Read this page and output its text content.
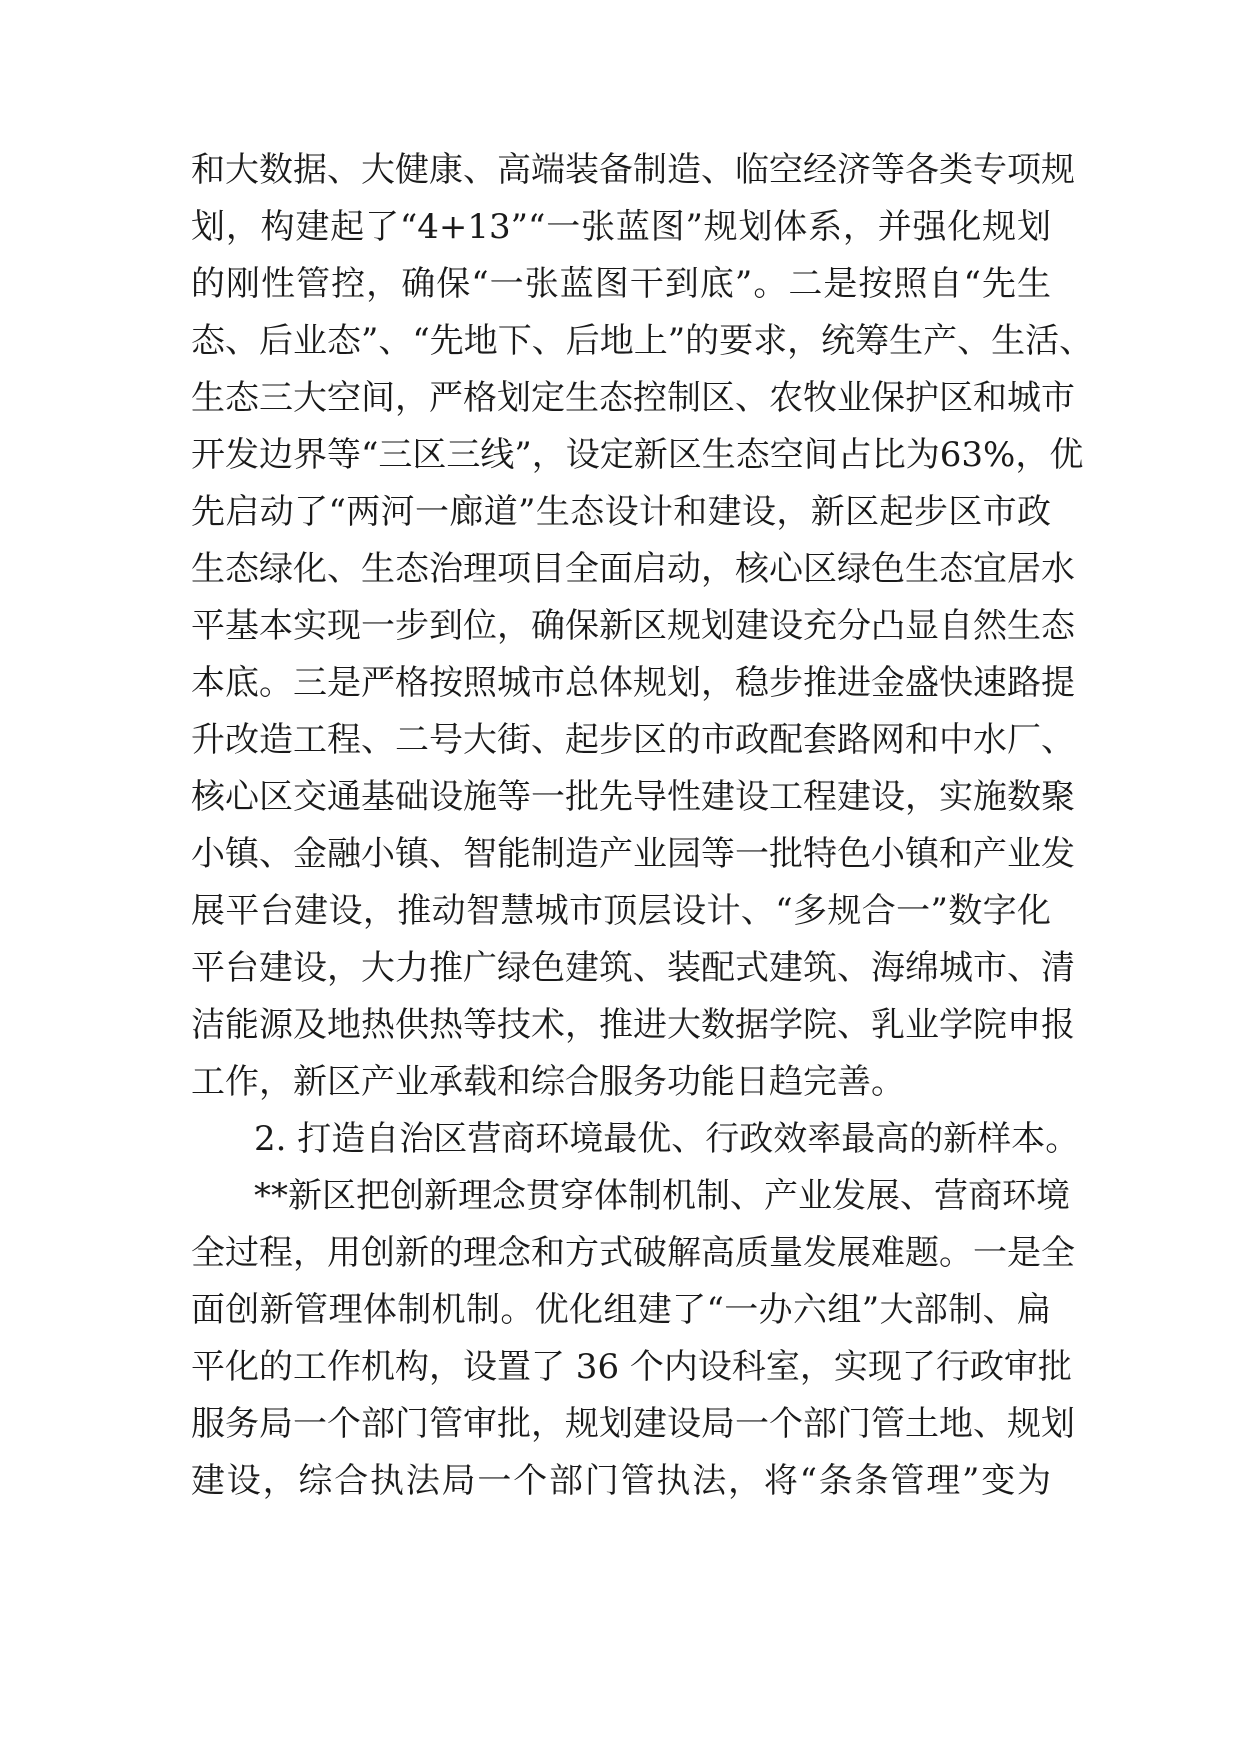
和大数据、大健康、高端装备制造、临空经济等各类专项规
划，构建起了“4+13”“一张蓝图”规划体系，并强化规划
的刚性管控，确保“一张蓝图干到底”。二是按照自“先生
态、后业态”、“先地下、后地上”的要求，统筹生产、生活、
生态三大空间，严格划定生态控制区、农牧业保护区和城市
开发边界等“三区三线”，设定新区生态空间占比为63%，优
先启动了“两河一廊道”生态设计和建设，新区起步区市政
生态绿化、生态治理项目全面启动，核心区绿色生态宜居水
平基本实现一步到位，确保新区规划建设充分凸显自然生态
本底。三是严格按照城市总体规划，稳步推进金盛快速路提
升改造工程、二号大街、起步区的市政配套路网和中水厂、
核心区交通基础设施等一批先导性建设工程建设，实施数聚
小镇、金融小镇、智能制造产业园等一批特色小镇和产业发
展平台建设，推动智慧城市顶层设计、“多规合一”数字化
平台建设，大力推广绿色建筑、装配式建筑、海绵城市、清
洁能源及地热供热等技术，推进大数据学院、乳业学院申报
工作，新区产业承载和综合服务功能日趋完善。
2. 打造自治区营商环境最优、行政效率最高的新样本。
**新区把创新理念贯穿体制机制、产业发展、营商环境
全过程，用创新的理念和方式破解高质量发展难题。一是全
面创新管理体制机制。优化组建了“一办六组”大部制、扁
平化的工作机构，设置了 36 个内设科室，实现了行政审批
服务局一个部门管审批，规划建设局一个部门管土地、规划
建设，综合执法局一个部门管执法，将“条条管理”变为
